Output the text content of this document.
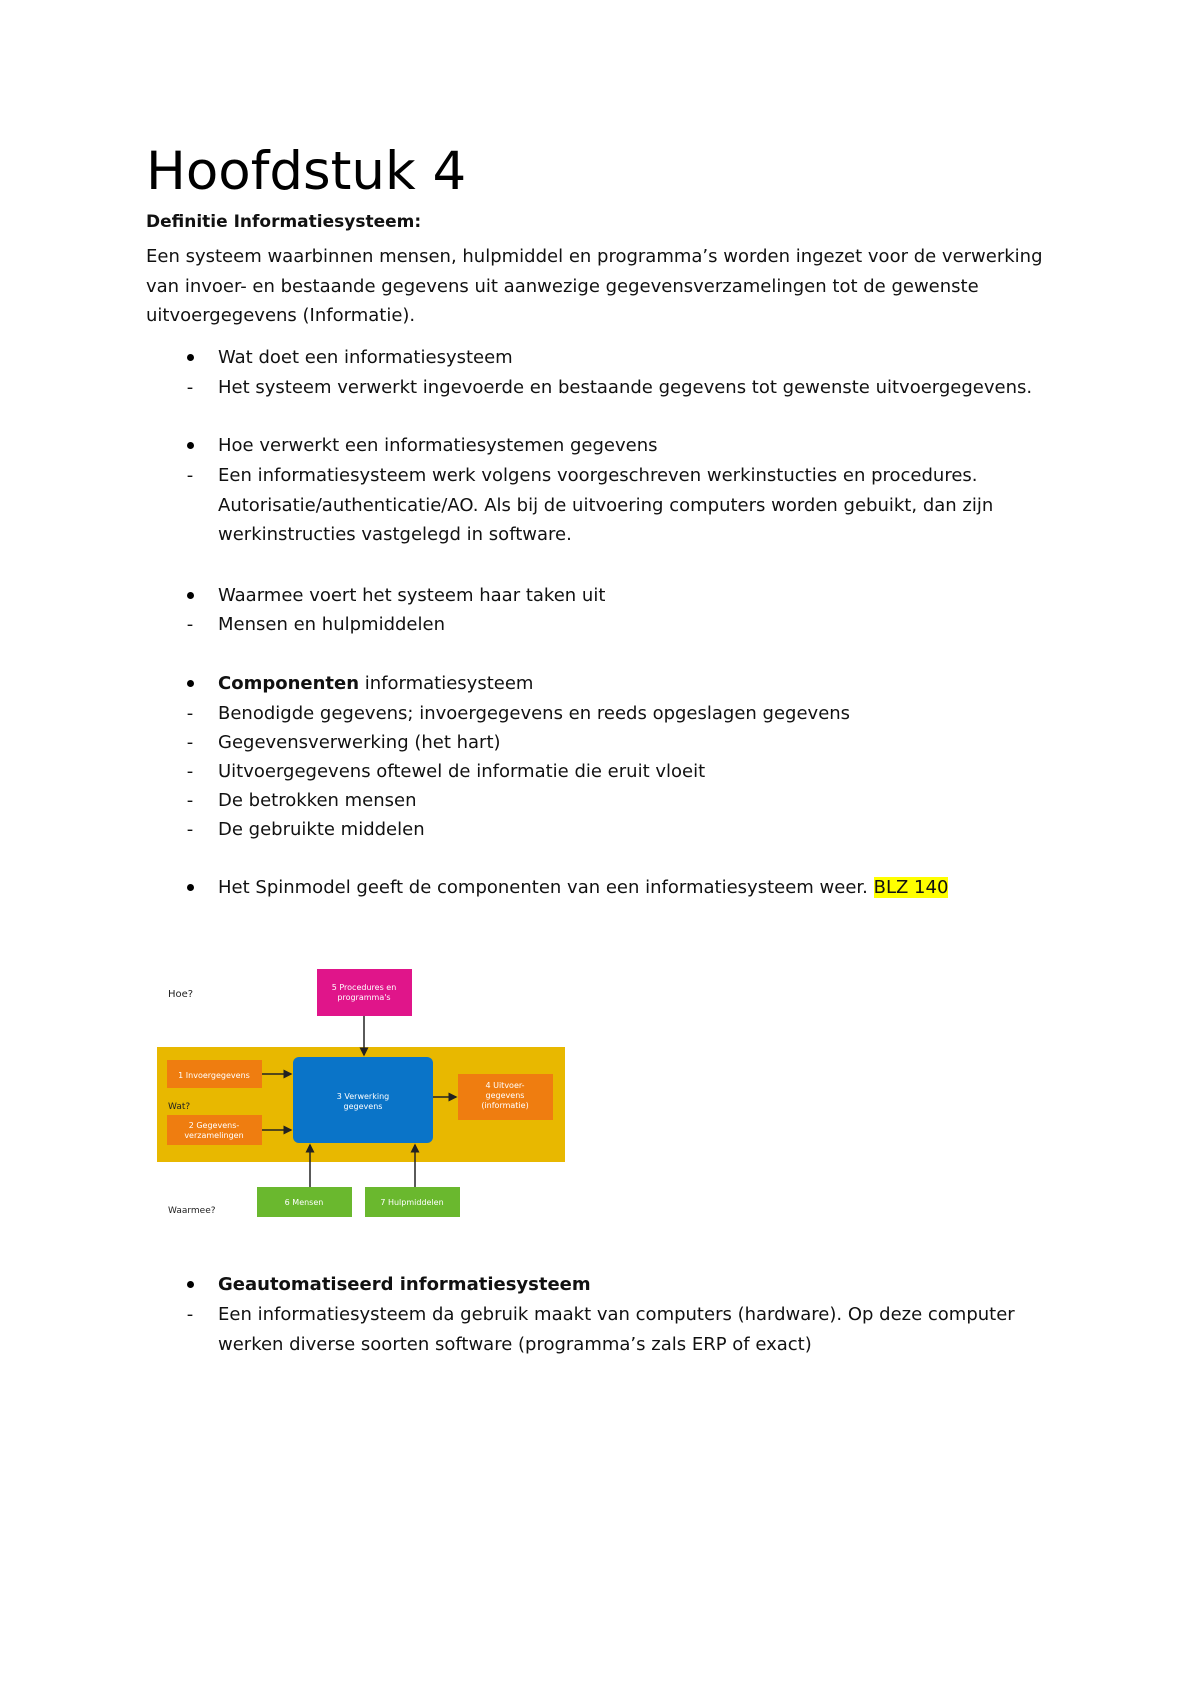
Hoofdstuk 4
Definitie Informatiesysteem:
Een systeem waarbinnen mensen, hulpmiddel en programma’s worden ingezet voor de verwerking van invoer- en bestaande gegevens uit aanwezige gegevensverzamelingen tot de gewenste uitvoergegevens (Informatie).
Wat doet een informatiesysteem
- Het systeem verwerkt ingevoerde en bestaande gegevens tot gewenste uitvoergegevens.
Hoe verwerkt een informatiesystemen gegevens
- Een informatiesysteem werk volgens voorgeschreven werkinstucties en procedures. Autorisatie/authenticatie/AO. Als bij de uitvoering computers worden gebuikt, dan zijn werkinstructies vastgelegd in software.
Waarmee voert het systeem haar taken uit
- Mensen en hulpmiddelen
Componenten informatiesysteem
- Benodigde gegevens; invoergegevens en reeds opgeslagen gegevens
- Gegevensverwerking (het hart)
- Uitvoergegevens oftewel de informatie die eruit vloeit
- De betrokken mensen
- De gebruikte middelen
Het Spinmodel geeft de componenten van een informatiesysteem weer. BLZ 140
Hoe?
Waarmee?
Wat?
5 Procedures en
programma's
1 Invoergegevens
2 Gegevens-
verzamelingen
3 Verwerking
gegevens
4 Uitvoer-
gegevens
(informatie)
6 Mensen	7 Hulpmiddelen
Geautomatiseerd informatiesysteem
- Een informatiesysteem da gebruik maakt van computers (hardware). Op deze computer werken diverse soorten software (programma’s zals ERP of exact)
